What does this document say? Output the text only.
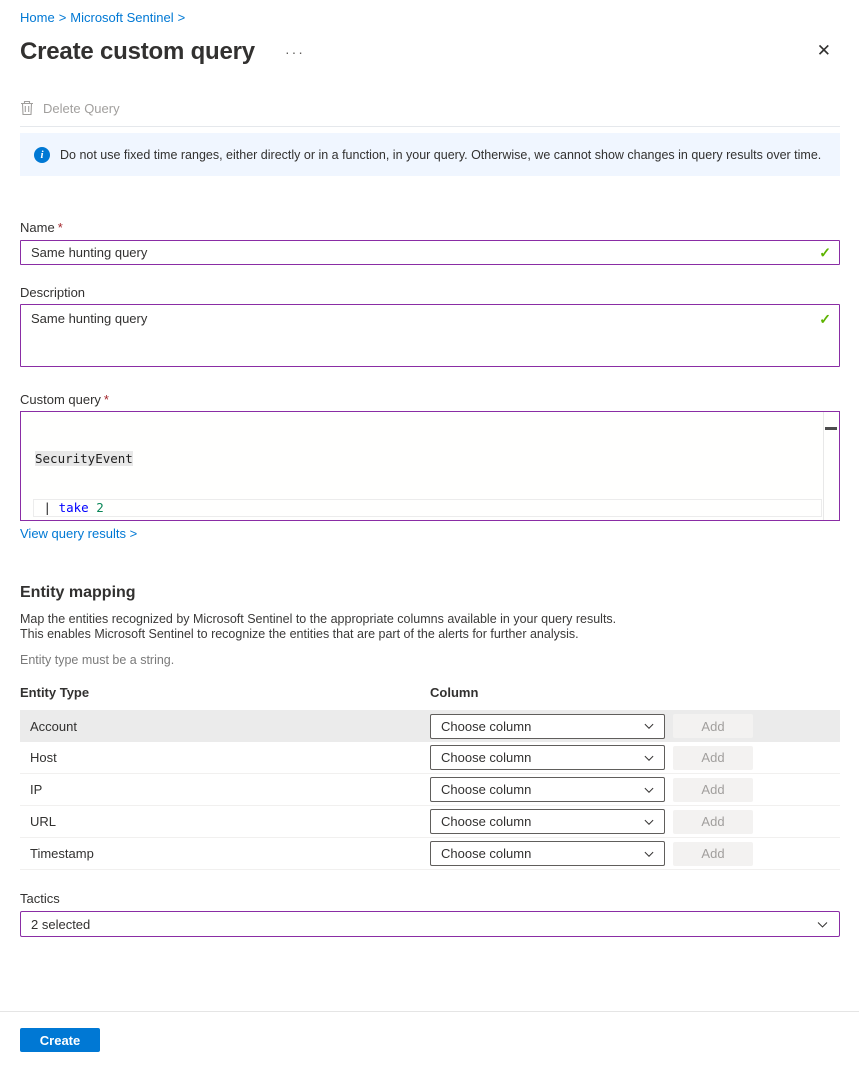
Home > Microsoft Sentinel >
Create custom query ···	✕
Delete Query
i	Do not use fixed time ranges, either directly or in a function, in your query. Otherwise, we cannot show changes in query results over time.
Name *
Same hunting query
✓
Description
Same hunting query
✓
Custom query *

SecurityEvent

| take 2

View query results >
Entity mapping
Map the entities recognized by Microsoft Sentinel to the appropriate columns available in your query results.
This enables Microsoft Sentinel to recognize the entities that are part of the alerts for further analysis.
Entity type must be a string.
Entity Type	Column
Account	Choose column	Add
Host	Choose column	Add
IP	Choose column	Add
URL	Choose column	Add
Timestamp	Choose column	Add
Tactics
2 selected
Create
